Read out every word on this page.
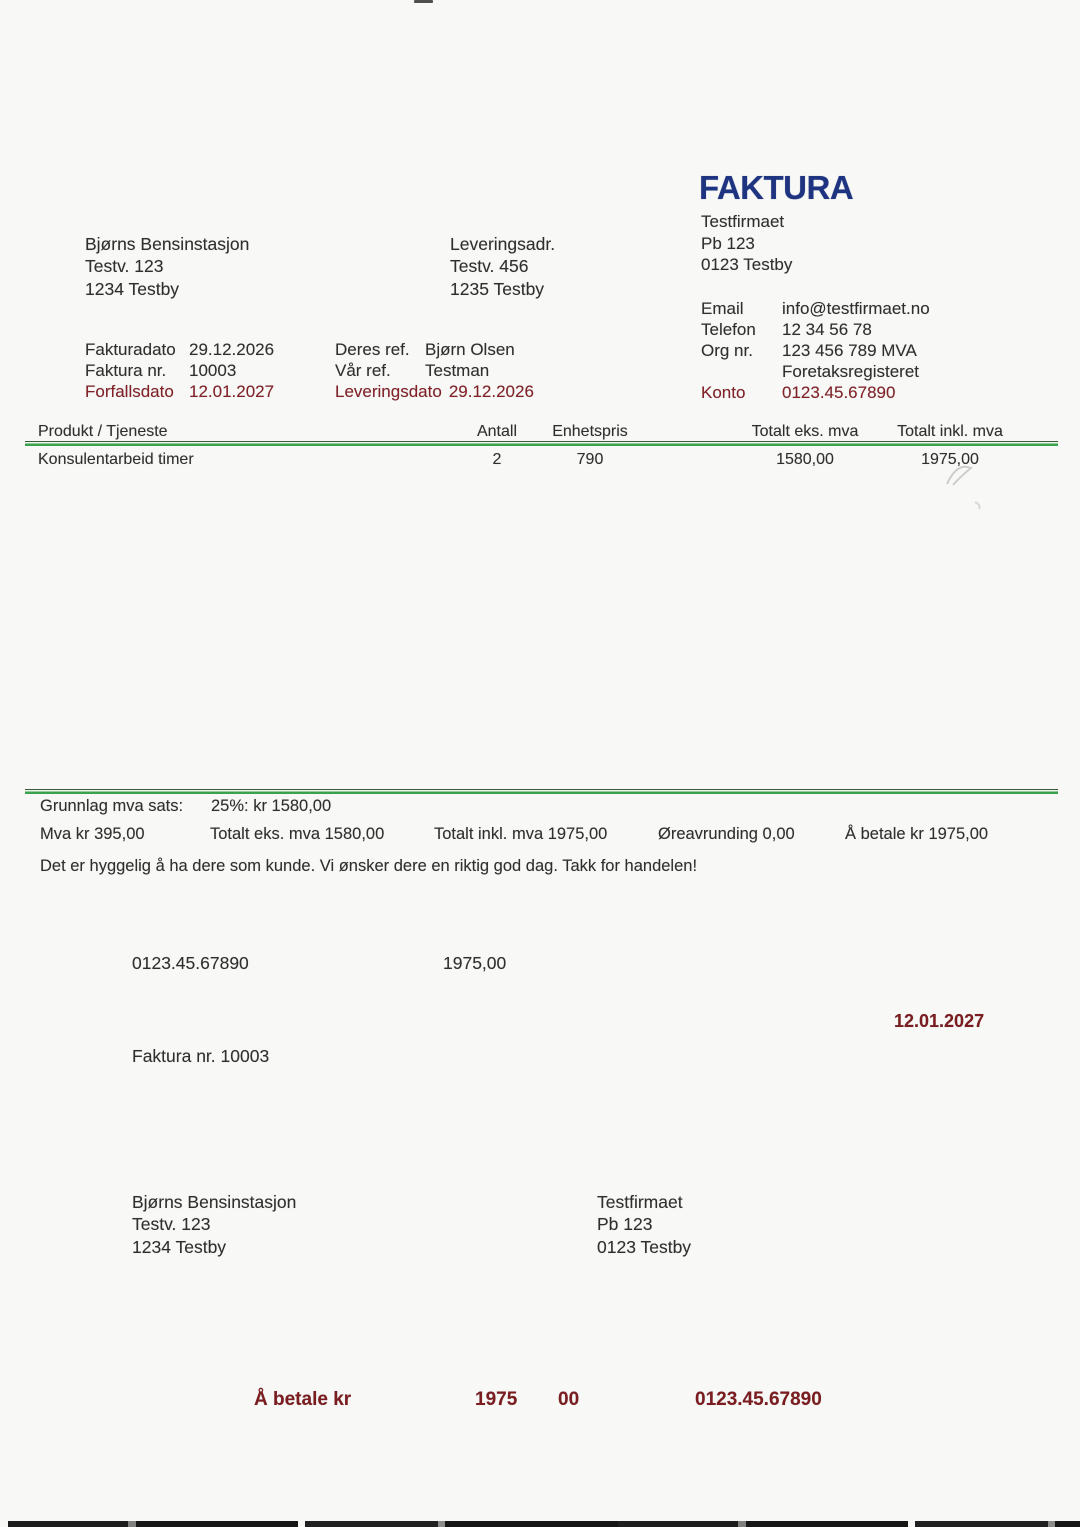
FAKTURA
Testfirmaet
Pb 123
0123 Testby
Email	info@testfirmaet.no
Telefon	12 34 56 78
Org nr.	123 456 789 MVA
Foretaksregisteret
Konto	0123.45.67890
Bjørns Bensinstasjon
Testv. 123
1234 Testby
Leveringsadr.
Testv. 456
1235 Testby
Fakturadato 29.12.2026
Faktura nr.	10003
Forfallsdato 12.01.2027
Deres ref. Bjørn Olsen
Vår ref.	Testman
Leveringsdato 29.12.2026
Produkt / Tjeneste	Antall	Enhetspris	Totalt eks. mva	Totalt inkl. mva
Konsulentarbeid timer	2	790	1580,00	1975,00
Grunnlag mva sats: 25%: kr 1580,00
Mva kr 395,00	Totalt eks. mva 1580,00	Totalt inkl. mva 1975,00	Øreavrunding 0,00	Å betale kr 1975,00
Det er hyggelig å ha dere som kunde. Vi ønsker dere en riktig god dag. Takk for handelen!
0123.45.67890	1975,00
12.01.2027
Faktura nr. 10003
Bjørns Bensinstasjon
Testv. 123
1234 Testby
Testfirmaet
Pb 123
0123 Testby
Å betale kr	1975 00	0123.45.67890
